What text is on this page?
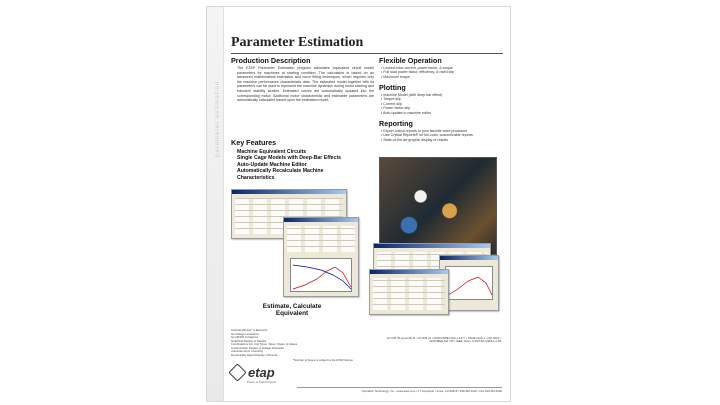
parameter estimation
Parameter Estimation
Production Description
The ETAP Parameter Estimation program calculates equivalent circuit model parameters for machines at starting condition. The calculation is based on an advanced mathematical estimation and curve fitting techniques, which requires only the machine performance characteristic data. The estimated model together with its parameters can be used to represent the machine dynamics during motor starting and transient stability studies. Estimated curves are automatically updated into the corresponding motor. Additional motor characteristic and estimable parameters are automatically calculated based upon the estimated model.
Key Features
Machine Equivalent Circuits
Single Cage Models with Deep-Bar Effects
Auto-Update Machine Editor
Automatically Recalculate Machine
Characteristics
Estimate, Calculate
Equivalent
Flexible Operation
• Locked-rotor current, power factor, & torque
• Full load power factor, efficiency, & rated slip
• Maximum torque
Plotting
• machine Model (with deep bar effect)
• Torque-slip
• Current-slip
• Power factor-slip
• Auto update to machine editor
Reporting
• Export output reports to your favorite word processor
• Use Crystal Reports® for full-color, customizable reports
• State-of-the-art graphic display of results
Unlimited Buses* & Elements
No Voltage Limitations
No HP/kW Limitations
Graphical Display of Results
Combinations For Unit Types, Sizes, Styles, & Values
Customizable Display of Voltage & Results
Automatic Error Checking
Dynamically Adjust Display of Results
*Number of buses is subject to the ETAP license
10 CFR 50 Appendix B • 10 CFR 21 • ANSI/ASME NQA-1-1977 • ASME NQA-1 • ISO 9001 • ANSI/IEEE Std 730 • IEEE 1012 • CAN/CSA-Q396.1.2-89
etap
Power of Total Program
Operation Technology, Inc. • www.etap.com • 17 Goodyear • Irvine, CA 92618 • 949.462.0100 • Fax 949.462.0200
